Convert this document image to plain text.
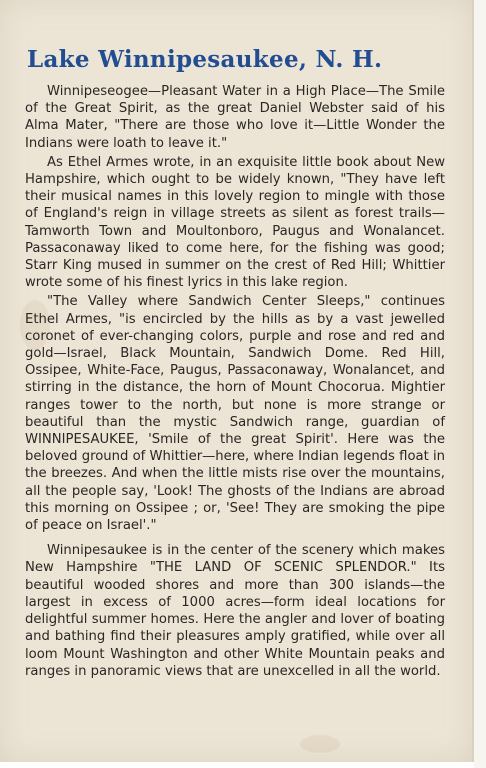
Lake Winnipesaukee, N. H.

Winnipeseogee—Pleasant Water in a High Place—The Smile of the Great Spirit, as the great Daniel Webster said of his Alma Mater, "There are those who love it—Little Wonder the Indians were loath to leave it."

As Ethel Armes wrote, in an exquisite little book about New Hampshire, which ought to be widely known, "They have left their musical names in this lovely region to mingle with those of England's reign in village streets as silent as forest trails—Tamworth Town and Moultonboro, Paugus and Wonalancet. Passaconaway liked to come here, for the fishing was good; Starr King mused in summer on the crest of Red Hill; Whittier wrote some of his finest lyrics in this lake region.

"The Valley where Sandwich Center Sleeps," continues Ethel Armes, "is encircled by the hills as by a vast jewelled coronet of ever-changing colors, purple and rose and red and gold—Israel, Black Mountain, Sandwich Dome. Red Hill, Ossipee, White-Face, Paugus, Passaconaway, Wonalancet, and stirring in the distance, the horn of Mount Chocorua. Mightier ranges tower to the north, but none is more strange or beautiful than the mystic Sandwich range, guardian of WINNIPESAUKEE, 'Smile of the great Spirit'. Here was the beloved ground of Whittier—here, where Indian legends float in the breezes. And when the little mists rise over the mountains, all the people say, 'Look! The ghosts of the Indians are abroad this morning on Ossipee ; or, 'See! They are smoking the pipe of peace on Israel'."

Winnipesaukee is in the center of the scenery which makes New Hampshire "THE LAND OF SCENIC SPLENDOR." Its beautiful wooded shores and more than 300 islands—the largest in excess of 1000 acres—form ideal locations for delightful summer homes. Here the angler and lover of boating and bathing find their pleasures amply gratified, while over all loom Mount Washington and other White Mountain peaks and ranges in panoramic views that are unexcelled in all the world.
